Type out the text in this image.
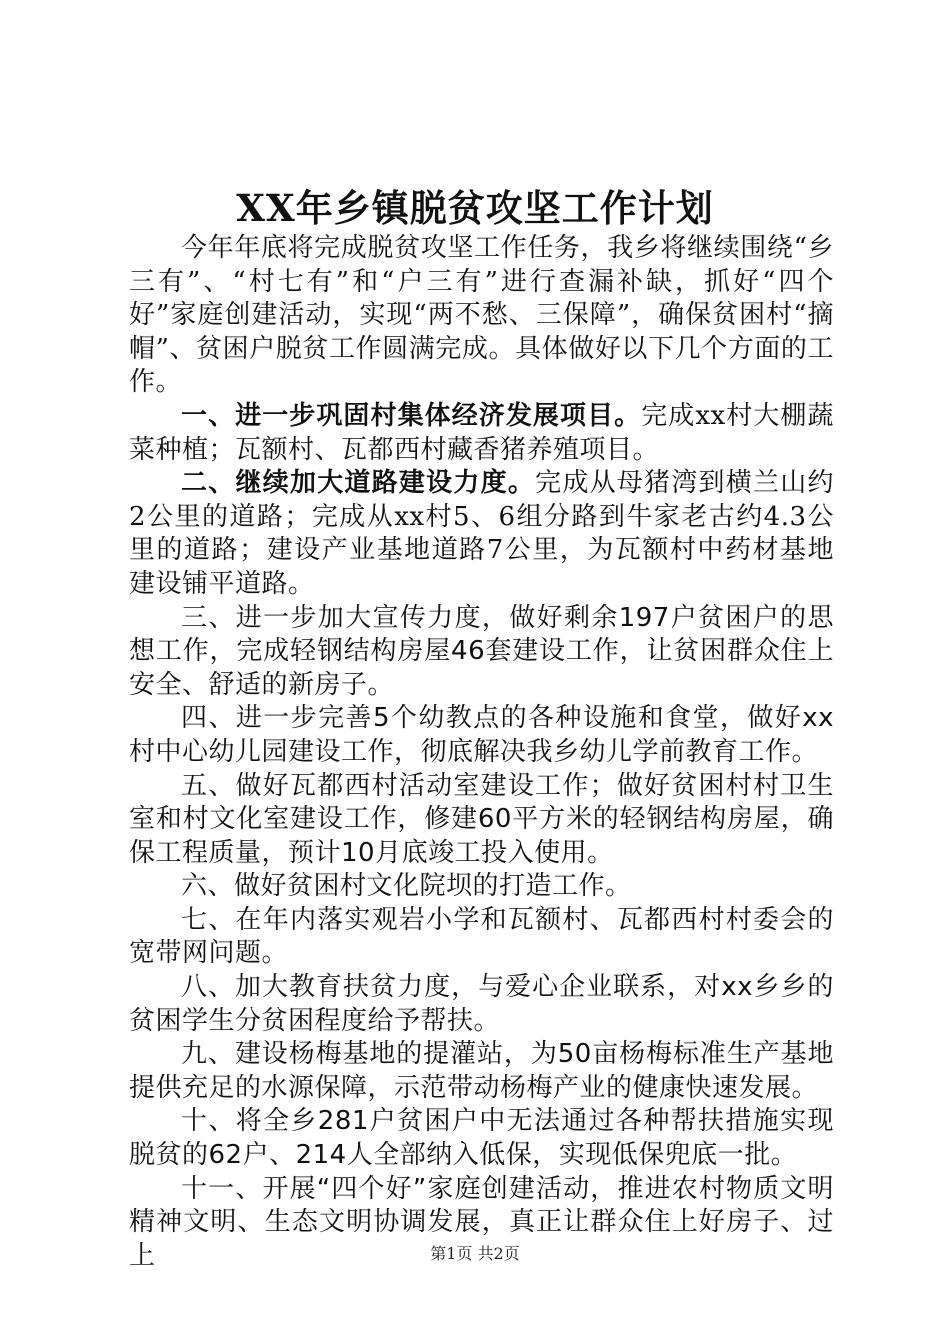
XX年乡镇脱贫攻坚工作计划

今年年底将完成脱贫攻坚工作任务，我乡将继续围绕“乡三有”、“村七有”和“户三有”进行查漏补缺，抓好“四个好”家庭创建活动，实现“两不愁、三保障”，确保贫困村“摘帽”、贫困户脱贫工作圆满完成。具体做好以下几个方面的工作。

一、进一步巩固村集体经济发展项目。完成xx村大棚蔬菜种植；瓦额村、瓦都西村藏香猪养殖项目。

二、继续加大道路建设力度。完成从母猪湾到横兰山约2公里的道路；完成从xx村5、6组分路到牛家老古约4.3公里的道路；建设产业基地道路7公里，为瓦额村中药材基地建设铺平道路。

三、进一步加大宣传力度，做好剩余197户贫困户的思想工作，完成轻钢结构房屋46套建设工作，让贫困群众住上安全、舒适的新房子。

四、进一步完善5个幼教点的各种设施和食堂，做好xx村中心幼儿园建设工作，彻底解决我乡幼儿学前教育工作。

五、做好瓦都西村活动室建设工作；做好贫困村村卫生室和村文化室建设工作，修建60平方米的轻钢结构房屋，确保工程质量，预计10月底竣工投入使用。

六、做好贫困村文化院坝的打造工作。

七、在年内落实观岩小学和瓦额村、瓦都西村村委会的宽带网问题。

八、加大教育扶贫力度，与爱心企业联系，对xx乡乡的贫困学生分贫困程度给予帮扶。

九、建设杨梅基地的提灌站，为50亩杨梅标准生产基地提供充足的水源保障，示范带动杨梅产业的健康快速发展。

十、将全乡281户贫困户中无法通过各种帮扶措施实现脱贫的62户、214人全部纳入低保，实现低保兜底一批。

十一、开展“四个好”家庭创建活动，推进农村物质文明精神文明、生态文明协调发展，真正让群众住上好房子、过上	第1页 共2页
